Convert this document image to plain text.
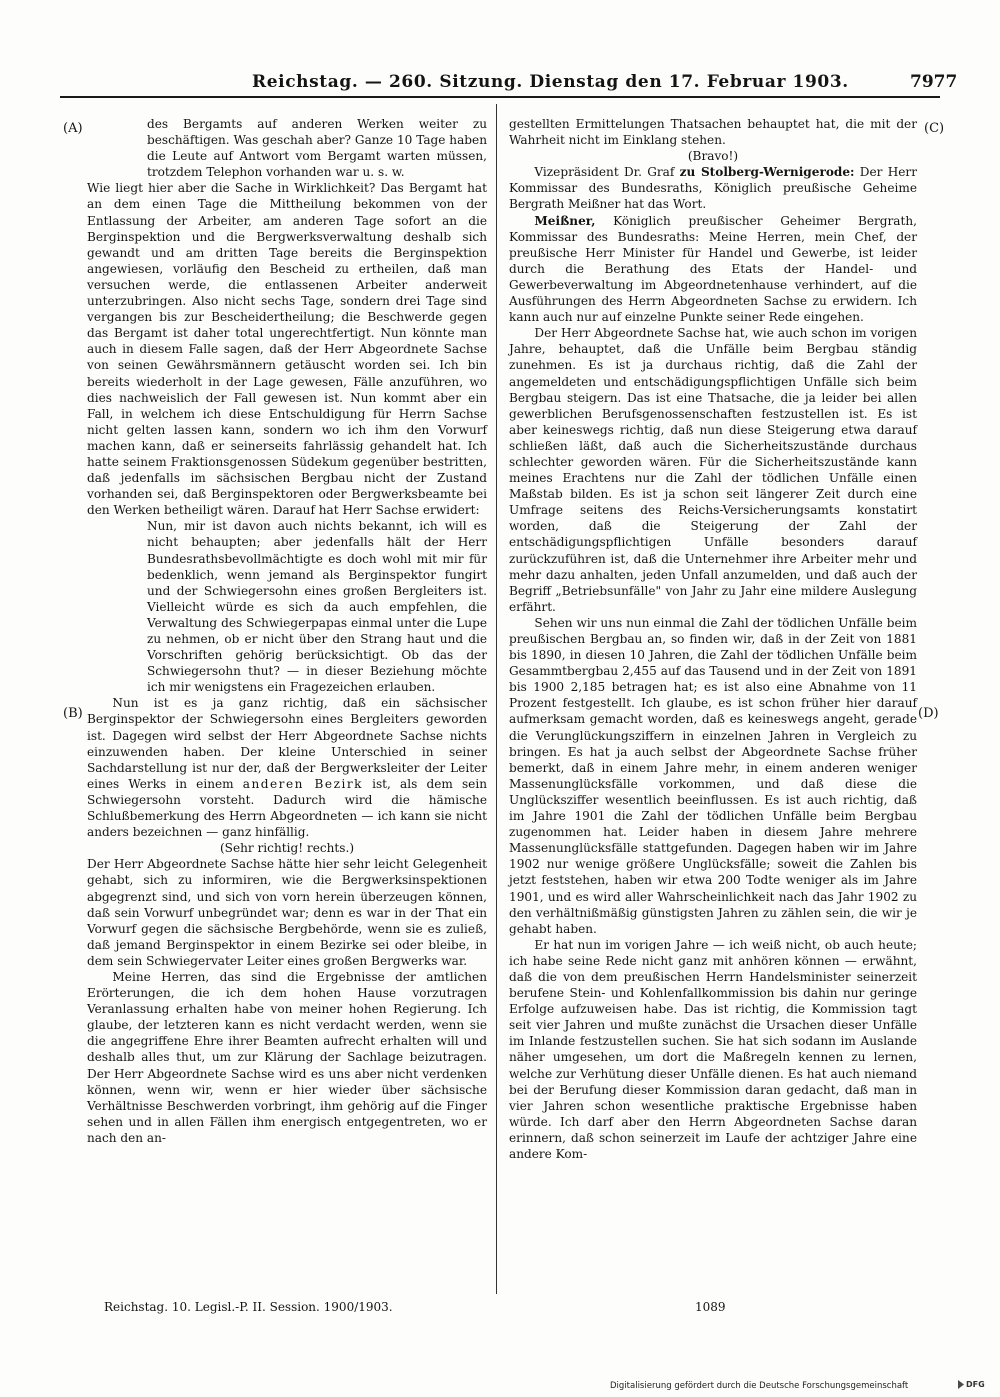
Reichstag. — 260. Sitzung. Dienstag den 17. Februar 1903.	7977
(A)
(B)
(C)
(D)

des Bergamts auf anderen Werken weiter zu beschäftigen. Was geschah aber? Ganze 10 Tage haben die Leute auf Antwort vom Bergamt warten müssen, trotzdem Telephon vorhanden war u. s. w.

Wie liegt hier aber die Sache in Wirklichkeit? Das Bergamt hat an dem einen Tage die Mittheilung bekommen von der Entlassung der Arbeiter, am anderen Tage sofort an die Berginspektion und die Bergwerksverwaltung deshalb sich gewandt und am dritten Tage bereits die Berginspektion angewiesen, vorläufig den Bescheid zu ertheilen, daß man versuchen werde, die entlassenen Arbeiter anderweit unterzubringen. Also nicht sechs Tage, sondern drei Tage sind vergangen bis zur Bescheidertheilung; die Beschwerde gegen das Bergamt ist daher total ungerechtfertigt. Nun könnte man auch in diesem Falle sagen, daß der Herr Abgeordnete Sachse von seinen Gewährsmännern getäuscht worden sei. Ich bin bereits wiederholt in der Lage gewesen, Fälle anzuführen, wo dies nachweislich der Fall gewesen ist. Nun kommt aber ein Fall, in welchem ich diese Entschuldigung für Herrn Sachse nicht gelten lassen kann, sondern wo ich ihm den Vorwurf machen kann, daß er seinerseits fahrlässig gehandelt hat. Ich hatte seinem Fraktionsgenossen Südekum gegenüber bestritten, daß jedenfalls im sächsischen Bergbau nicht der Zustand vorhanden sei, daß Berginspektoren oder Bergwerksbeamte bei den Werken betheiligt wären. Darauf hat Herr Sachse erwidert:

Nun, mir ist davon auch nichts bekannt, ich will es nicht behaupten; aber jedenfalls hält der Herr Bundesrathsbevollmächtigte es doch wohl mit mir für bedenklich, wenn jemand als Berginspektor fungirt und der Schwiegersohn eines großen Bergleiters ist. Vielleicht würde es sich da auch empfehlen, die Verwaltung des Schwiegerpapas einmal unter die Lupe zu nehmen, ob er nicht über den Strang haut und die Vorschriften gehörig berücksichtigt. Ob das der Schwiegersohn thut? — in dieser Beziehung möchte ich mir wenigstens ein Fragezeichen erlauben.

Nun ist es ja ganz richtig, daß ein sächsischer Berginspektor der Schwiegersohn eines Bergleiters geworden ist. Dagegen wird selbst der Herr Abgeordnete Sachse nichts einzuwenden haben. Der kleine Unterschied in seiner Sachdarstellung ist nur der, daß der Bergwerksleiter der Leiter eines Werks in einem anderen Bezirk ist, als dem sein Schwiegersohn vorsteht. Dadurch wird die hämische Schlußbemerkung des Herrn Abgeordneten — ich kann sie nicht anders bezeichnen — ganz hinfällig.

(Sehr richtig! rechts.)

Der Herr Abgeordnete Sachse hätte hier sehr leicht Gelegenheit gehabt, sich zu informiren, wie die Bergwerksinspektionen abgegrenzt sind, und sich von vorn herein überzeugen können, daß sein Vorwurf unbegründet war; denn es war in der That ein Vorwurf gegen die sächsische Bergbehörde, wenn sie es zuließ, daß jemand Berginspektor in einem Bezirke sei oder bleibe, in dem sein Schwiegervater Leiter eines großen Bergwerks war.

Meine Herren, das sind die Ergebnisse der amtlichen Erörterungen, die ich dem hohen Hause vorzutragen Veranlassung erhalten habe von meiner hohen Regierung. Ich glaube, der letzteren kann es nicht verdacht werden, wenn sie die angegriffene Ehre ihrer Beamten aufrecht erhalten will und deshalb alles thut, um zur Klärung der Sachlage beizutragen. Der Herr Abgeordnete Sachse wird es uns aber nicht verdenken können, wenn wir, wenn er hier wieder über sächsische Verhältnisse Beschwerden vorbringt, ihm gehörig auf die Finger sehen und in allen Fällen ihm energisch entgegentreten, wo er nach den an-

gestellten Ermittelungen Thatsachen behauptet hat, die mit der Wahrheit nicht im Einklang stehen.

(Bravo!)

Vizepräsident Dr. Graf zu Stolberg-Wernigerode: Der Herr Kommissar des Bundesraths, Königlich preußische Geheime Bergrath Meißner hat das Wort.

Meißner, Königlich preußischer Geheimer Bergrath, Kommissar des Bundesraths: Meine Herren, mein Chef, der preußische Herr Minister für Handel und Gewerbe, ist leider durch die Berathung des Etats der Handel- und Gewerbeverwaltung im Abgeordnetenhause verhindert, auf die Ausführungen des Herrn Abgeordneten Sachse zu erwidern. Ich kann auch nur auf einzelne Punkte seiner Rede eingehen.

Der Herr Abgeordnete Sachse hat, wie auch schon im vorigen Jahre, behauptet, daß die Unfälle beim Bergbau ständig zunehmen. Es ist ja durchaus richtig, daß die Zahl der angemeldeten und entschädigungspflichtigen Unfälle sich beim Bergbau steigern. Das ist eine Thatsache, die ja leider bei allen gewerblichen Berufsgenossenschaften festzustellen ist. Es ist aber keineswegs richtig, daß nun diese Steigerung etwa darauf schließen läßt, daß auch die Sicherheitszustände durchaus schlechter geworden wären. Für die Sicherheitszustände kann meines Erachtens nur die Zahl der tödlichen Unfälle einen Maßstab bilden. Es ist ja schon seit längerer Zeit durch eine Umfrage seitens des Reichs-Versicherungsamts konstatirt worden, daß die Steigerung der Zahl der entschädigungspflichtigen Unfälle besonders darauf zurückzuführen ist, daß die Unternehmer ihre Arbeiter mehr und mehr dazu anhalten, jeden Unfall anzumelden, und daß auch der Begriff „Betriebsunfälle" von Jahr zu Jahr eine mildere Auslegung erfährt.

Sehen wir uns nun einmal die Zahl der tödlichen Unfälle beim preußischen Bergbau an, so finden wir, daß in der Zeit von 1881 bis 1890, in diesen 10 Jahren, die Zahl der tödlichen Unfälle beim Gesammtbergbau 2,455 auf das Tausend und in der Zeit von 1891 bis 1900 2,185 betragen hat; es ist also eine Abnahme von 11 Prozent festgestellt. Ich glaube, es ist schon früher hier darauf aufmerksam gemacht worden, daß es keineswegs angeht, gerade die Verunglückungsziffern in einzelnen Jahren in Vergleich zu bringen. Es hat ja auch selbst der Abgeordnete Sachse früher bemerkt, daß in einem Jahre mehr, in einem anderen weniger Massenunglücksfälle vorkommen, und daß diese die Unglücksziffer wesentlich beeinflussen. Es ist auch richtig, daß im Jahre 1901 die Zahl der tödlichen Unfälle beim Bergbau zugenommen hat. Leider haben in diesem Jahre mehrere Massenunglücksfälle stattgefunden. Dagegen haben wir im Jahre 1902 nur wenige größere Unglücksfälle; soweit die Zahlen bis jetzt feststehen, haben wir etwa 200 Todte weniger als im Jahre 1901, und es wird aller Wahrscheinlichkeit nach das Jahr 1902 zu den verhältnißmäßig günstigsten Jahren zu zählen sein, die wir je gehabt haben.

Er hat nun im vorigen Jahre — ich weiß nicht, ob auch heute; ich habe seine Rede nicht ganz mit anhören können — erwähnt, daß die von dem preußischen Herrn Handelsminister seinerzeit berufene Stein- und Kohlenfallkommission bis dahin nur geringe Erfolge aufzuweisen habe. Das ist richtig, die Kommission tagt seit vier Jahren und mußte zunächst die Ursachen dieser Unfälle im Inlande festzustellen suchen. Sie hat sich sodann im Auslande näher umgesehen, um dort die Maßregeln kennen zu lernen, welche zur Verhütung dieser Unfälle dienen. Es hat auch niemand bei der Berufung dieser Kommission daran gedacht, daß man in vier Jahren schon wesentliche praktische Ergebnisse haben würde. Ich darf aber den Herrn Abgeordneten Sachse daran erinnern, daß schon seinerzeit im Laufe der achtziger Jahre eine andere Kom-

Reichstag. 10. Legisl.-P. II. Session. 1900/1903.	1089
Digitalisierung gefördert durch die Deutsche Forschungsgemeinschaft	DFG
